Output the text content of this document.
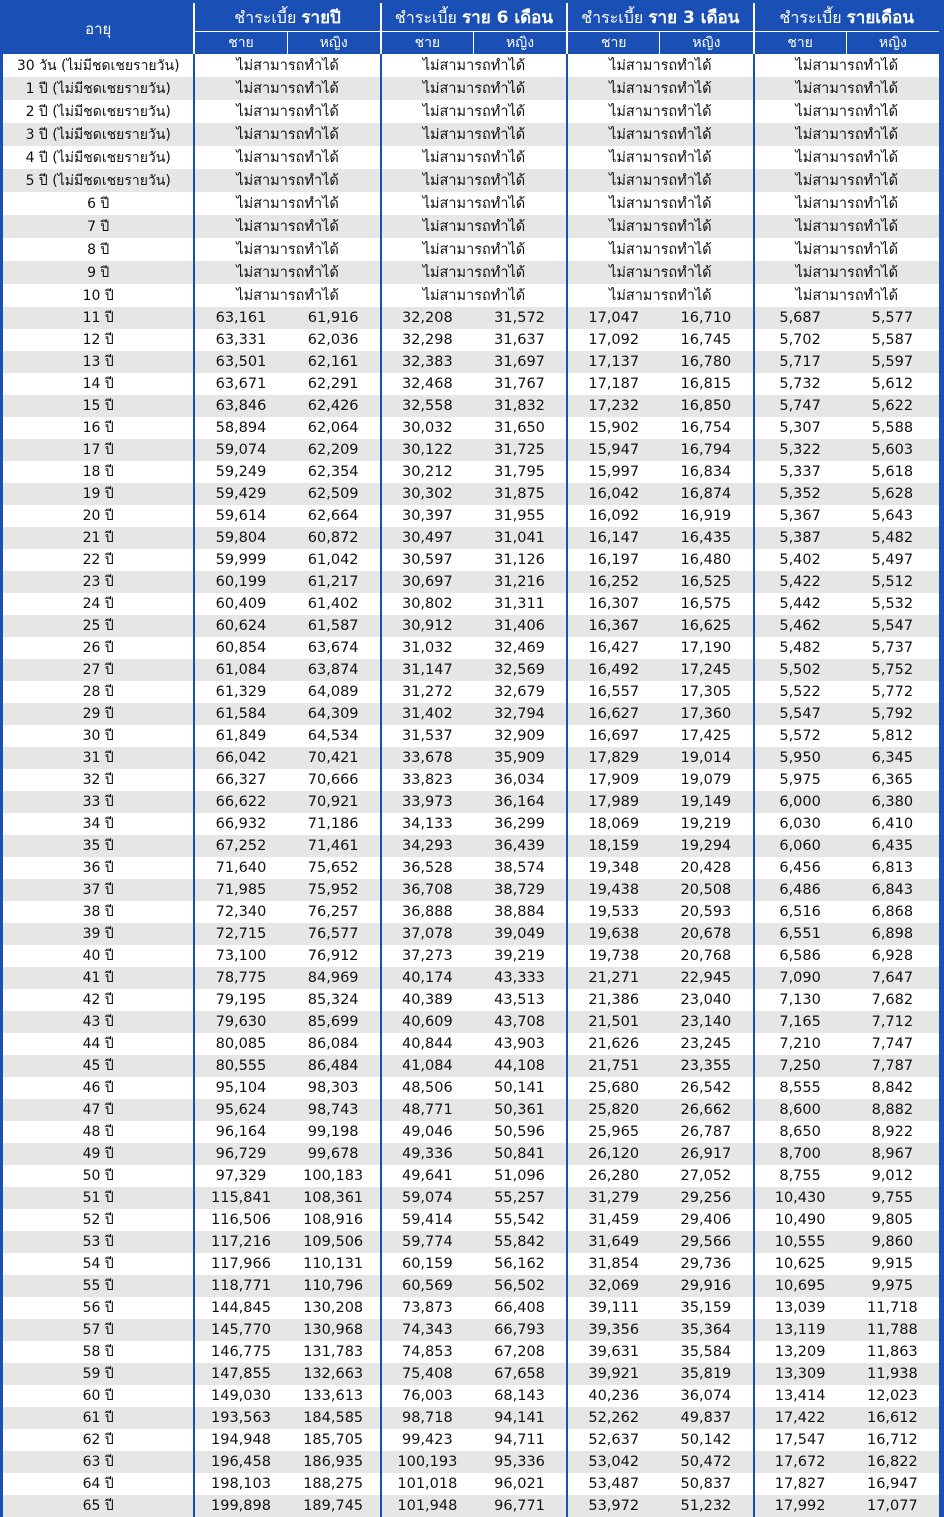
อายุ	ชำระเบี้ย รายปี		ชำระเบี้ย ราย 6 เดือน		ชำระเบี้ย ราย 3 เดือน		ชำระเบี้ย รายเดือน	
	ชาย	หญิง	ชาย	หญิง	ชาย	หญิง	ชาย	หญิง
30 วัน (ไม่มีชดเชยรายวัน)	ไม่สามารถทำได้		ไม่สามารถทำได้		ไม่สามารถทำได้		ไม่สามารถทำได้	
1 ปี (ไม่มีชดเชยรายวัน)	ไม่สามารถทำได้		ไม่สามารถทำได้		ไม่สามารถทำได้		ไม่สามารถทำได้	
2 ปี (ไม่มีชดเชยรายวัน)	ไม่สามารถทำได้		ไม่สามารถทำได้		ไม่สามารถทำได้		ไม่สามารถทำได้	
3 ปี (ไม่มีชดเชยรายวัน)	ไม่สามารถทำได้		ไม่สามารถทำได้		ไม่สามารถทำได้		ไม่สามารถทำได้	
4 ปี (ไม่มีชดเชยรายวัน)	ไม่สามารถทำได้		ไม่สามารถทำได้		ไม่สามารถทำได้		ไม่สามารถทำได้	
5 ปี (ไม่มีชดเชยรายวัน)	ไม่สามารถทำได้		ไม่สามารถทำได้		ไม่สามารถทำได้		ไม่สามารถทำได้	
6 ปี	ไม่สามารถทำได้		ไม่สามารถทำได้		ไม่สามารถทำได้		ไม่สามารถทำได้	
7 ปี	ไม่สามารถทำได้		ไม่สามารถทำได้		ไม่สามารถทำได้		ไม่สามารถทำได้	
8 ปี	ไม่สามารถทำได้		ไม่สามารถทำได้		ไม่สามารถทำได้		ไม่สามารถทำได้	
9 ปี	ไม่สามารถทำได้		ไม่สามารถทำได้		ไม่สามารถทำได้		ไม่สามารถทำได้	
10 ปี	ไม่สามารถทำได้		ไม่สามารถทำได้		ไม่สามารถทำได้		ไม่สามารถทำได้	
11 ปี	63,161	61,916	32,208	31,572	17,047	16,710	5,687	5,577
12 ปี	63,331	62,036	32,298	31,637	17,092	16,745	5,702	5,587
13 ปี	63,501	62,161	32,383	31,697	17,137	16,780	5,717	5,597
14 ปี	63,671	62,291	32,468	31,767	17,187	16,815	5,732	5,612
15 ปี	63,846	62,426	32,558	31,832	17,232	16,850	5,747	5,622
16 ปี	58,894	62,064	30,032	31,650	15,902	16,754	5,307	5,588
17 ปี	59,074	62,209	30,122	31,725	15,947	16,794	5,322	5,603
18 ปี	59,249	62,354	30,212	31,795	15,997	16,834	5,337	5,618
19 ปี	59,429	62,509	30,302	31,875	16,042	16,874	5,352	5,628
20 ปี	59,614	62,664	30,397	31,955	16,092	16,919	5,367	5,643
21 ปี	59,804	60,872	30,497	31,041	16,147	16,435	5,387	5,482
22 ปี	59,999	61,042	30,597	31,126	16,197	16,480	5,402	5,497
23 ปี	60,199	61,217	30,697	31,216	16,252	16,525	5,422	5,512
24 ปี	60,409	61,402	30,802	31,311	16,307	16,575	5,442	5,532
25 ปี	60,624	61,587	30,912	31,406	16,367	16,625	5,462	5,547
26 ปี	60,854	63,674	31,032	32,469	16,427	17,190	5,482	5,737
27 ปี	61,084	63,874	31,147	32,569	16,492	17,245	5,502	5,752
28 ปี	61,329	64,089	31,272	32,679	16,557	17,305	5,522	5,772
29 ปี	61,584	64,309	31,402	32,794	16,627	17,360	5,547	5,792
30 ปี	61,849	64,534	31,537	32,909	16,697	17,425	5,572	5,812
31 ปี	66,042	70,421	33,678	35,909	17,829	19,014	5,950	6,345
32 ปี	66,327	70,666	33,823	36,034	17,909	19,079	5,975	6,365
33 ปี	66,622	70,921	33,973	36,164	17,989	19,149	6,000	6,380
34 ปี	66,932	71,186	34,133	36,299	18,069	19,219	6,030	6,410
35 ปี	67,252	71,461	34,293	36,439	18,159	19,294	6,060	6,435
36 ปี	71,640	75,652	36,528	38,574	19,348	20,428	6,456	6,813
37 ปี	71,985	75,952	36,708	38,729	19,438	20,508	6,486	6,843
38 ปี	72,340	76,257	36,888	38,884	19,533	20,593	6,516	6,868
39 ปี	72,715	76,577	37,078	39,049	19,638	20,678	6,551	6,898
40 ปี	73,100	76,912	37,273	39,219	19,738	20,768	6,586	6,928
41 ปี	78,775	84,969	40,174	43,333	21,271	22,945	7,090	7,647
42 ปี	79,195	85,324	40,389	43,513	21,386	23,040	7,130	7,682
43 ปี	79,630	85,699	40,609	43,708	21,501	23,140	7,165	7,712
44 ปี	80,085	86,084	40,844	43,903	21,626	23,245	7,210	7,747
45 ปี	80,555	86,484	41,084	44,108	21,751	23,355	7,250	7,787
46 ปี	95,104	98,303	48,506	50,141	25,680	26,542	8,555	8,842
47 ปี	95,624	98,743	48,771	50,361	25,820	26,662	8,600	8,882
48 ปี	96,164	99,198	49,046	50,596	25,965	26,787	8,650	8,922
49 ปี	96,729	99,678	49,336	50,841	26,120	26,917	8,700	8,967
50 ปี	97,329	100,183	49,641	51,096	26,280	27,052	8,755	9,012
51 ปี	115,841	108,361	59,074	55,257	31,279	29,256	10,430	9,755
52 ปี	116,506	108,916	59,414	55,542	31,459	29,406	10,490	9,805
53 ปี	117,216	109,506	59,774	55,842	31,649	29,566	10,555	9,860
54 ปี	117,966	110,131	60,159	56,162	31,854	29,736	10,625	9,915
55 ปี	118,771	110,796	60,569	56,502	32,069	29,916	10,695	9,975
56 ปี	144,845	130,208	73,873	66,408	39,111	35,159	13,039	11,718
57 ปี	145,770	130,968	74,343	66,793	39,356	35,364	13,119	11,788
58 ปี	146,775	131,783	74,853	67,208	39,631	35,584	13,209	11,863
59 ปี	147,855	132,663	75,408	67,658	39,921	35,819	13,309	11,938
60 ปี	149,030	133,613	76,003	68,143	40,236	36,074	13,414	12,023
61 ปี	193,563	184,585	98,718	94,141	52,262	49,837	17,422	16,612
62 ปี	194,948	185,705	99,423	94,711	52,637	50,142	17,547	16,712
63 ปี	196,458	186,935	100,193	95,336	53,042	50,472	17,672	16,822
64 ปี	198,103	188,275	101,018	96,021	53,487	50,837	17,827	16,947
65 ปี	199,898	189,745	101,948	96,771	53,972	51,232	17,992	17,077
